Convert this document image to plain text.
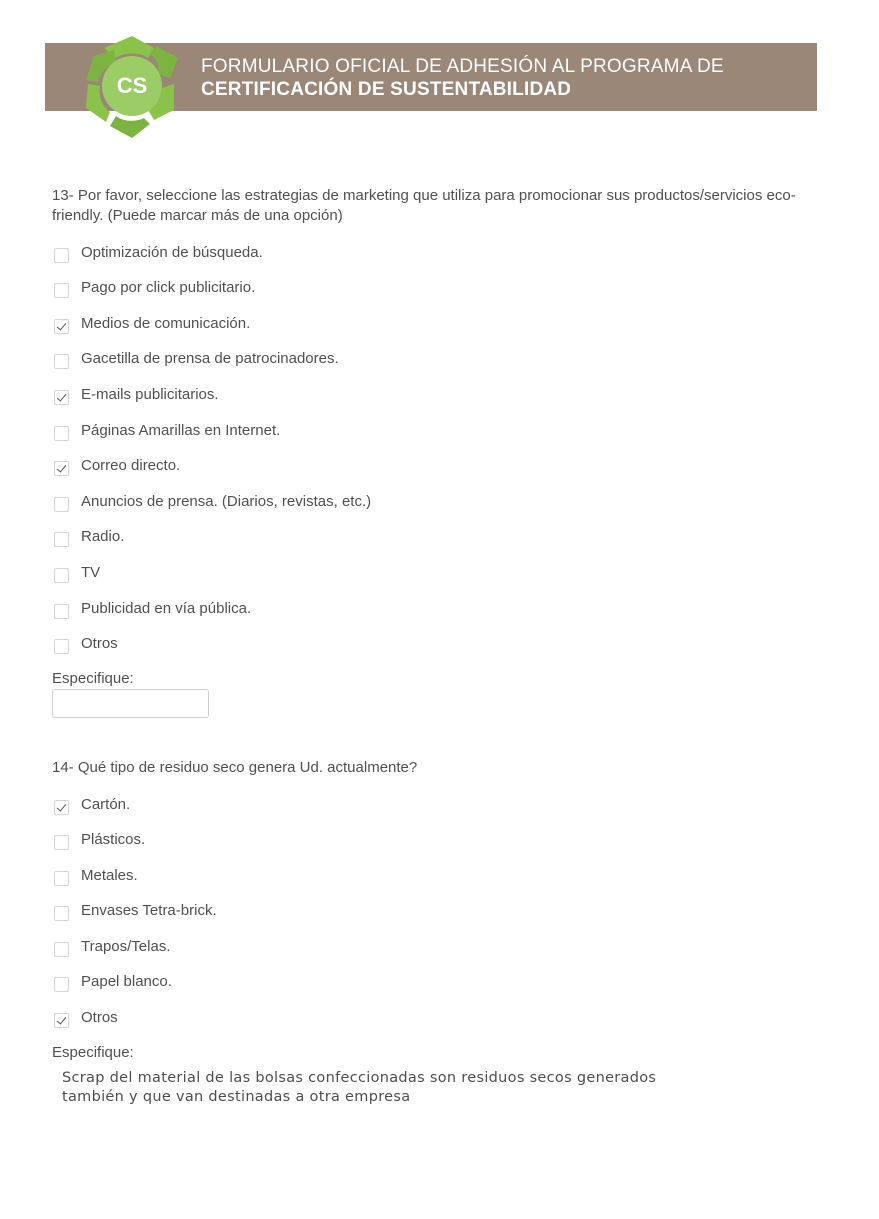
CS
FORMULARIO OFICIAL DE ADHESIÓN AL PROGRAMA DE
CERTIFICACIÓN DE SUSTENTABILIDAD
13- Por favor, seleccione las estrategias de marketing que utiliza para promocionar sus productos/servicios eco-friendly. (Puede marcar más de una opción)
Optimización de búsqueda.
Pago por click publicitario.
Medios de comunicación.
Gacetilla de prensa de patrocinadores.
E-mails publicitarios.
Páginas Amarillas en Internet.
Correo directo.
Anuncios de prensa. (Diarios, revistas, etc.)
Radio.
TV
Publicidad en vía pública.
Otros
Especifique:
14- Qué tipo de residuo seco genera Ud. actualmente?
Cartón.
Plásticos.
Metales.
Envases Tetra-brick.
Trapos/Telas.
Papel blanco.
Otros
Especifique:
Scrap del material de las bolsas confeccionadas son residuos secos generados también y que van destinadas a otra empresa
